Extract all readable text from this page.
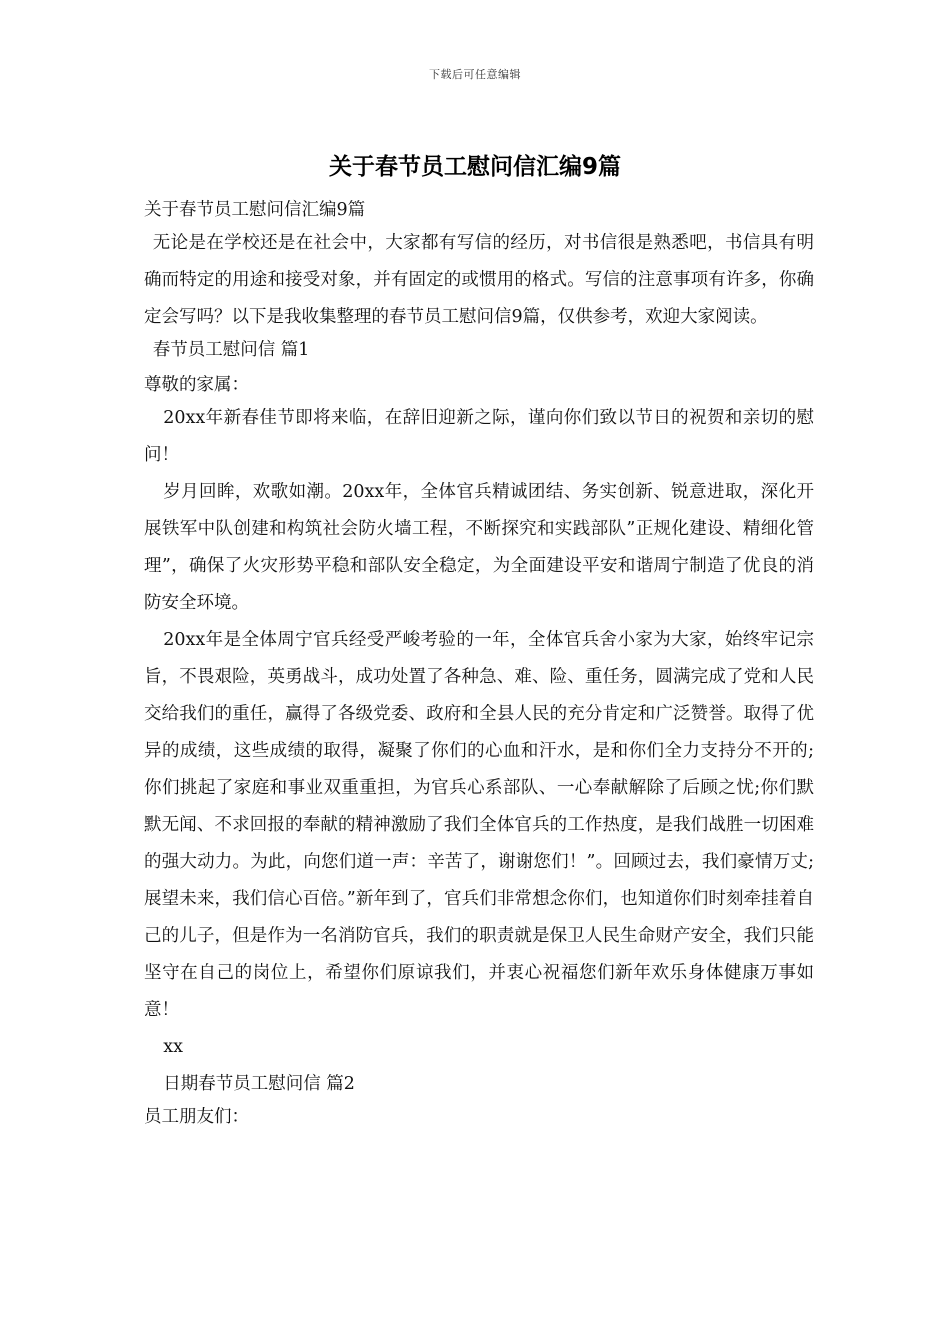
下载后可任意编辑
关于春节员工慰问信汇编9篇
关于春节员工慰问信汇编9篇

无论是在学校还是在社会中，大家都有写信的经历，对书信很是熟悉吧，书信具有明确而特定的用途和接受对象，并有固定的或惯用的格式。写信的注意事项有许多，你确定会写吗？以下是我收集整理的春节员工慰问信9篇，仅供参考，欢迎大家阅读。

春节员工慰问信 篇1
尊敬的家属：

20xx年新春佳节即将来临，在辞旧迎新之际，谨向你们致以节日的祝贺和亲切的慰问！

岁月回眸，欢歌如潮。20xx年，全体官兵精诚团结、务实创新、锐意进取，深化开展铁军中队创建和构筑社会防火墙工程，不断探究和实践部队”正规化建设、精细化管理”，确保了火灾形势平稳和部队安全稳定，为全面建设平安和谐周宁制造了优良的消防安全环境。

20xx年是全体周宁官兵经受严峻考验的一年，全体官兵舍小家为大家，始终牢记宗旨，不畏艰险，英勇战斗，成功处置了各种急、难、险、重任务，圆满完成了党和人民交给我们的重任，赢得了各级党委、政府和全县人民的充分肯定和广泛赞誉。取得了优异的成绩，这些成绩的取得，凝聚了你们的心血和汗水，是和你们全力支持分不开的;你们挑起了家庭和事业双重重担，为官兵心系部队、一心奉献解除了后顾之忧;你们默默无闻、不求回报的奉献的精神激励了我们全体官兵的工作热度，是我们战胜一切困难的强大动力。为此，向您们道一声：辛苦了，谢谢您们！”。回顾过去，我们豪情万丈;展望未来，我们信心百倍。”新年到了，官兵们非常想念你们，也知道你们时刻牵挂着自己的儿子，但是作为一名消防官兵，我们的职责就是保卫人民生命财产安全，我们只能坚守在自己的岗位上，希望你们原谅我们，并衷心祝福您们新年欢乐身体健康万事如意！

xx
日期春节员工慰问信 篇2
员工朋友们：
